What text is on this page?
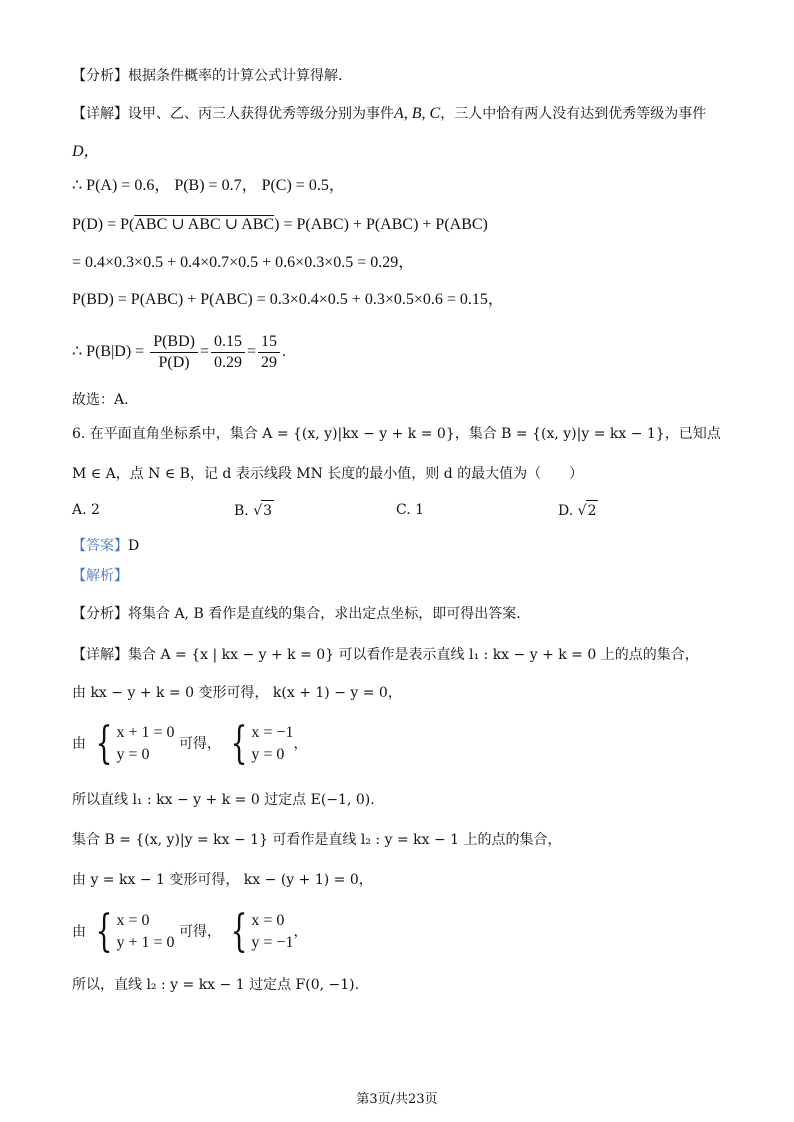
【分析】根据条件概率的计算公式计算得解.
【详解】设甲、乙、丙三人获得优秀等级分别为事件A, B, C，三人中恰有两人没有达到优秀等级为事件
D，
∴ P(A) = 0.6， P(B) = 0.7， P(C) = 0.5，
P(D) = P(ABC ∪ ABC ∪ ABC) = P(ABC) + P(ABC) + P(ABC)
= 0.4×0.3×0.5 + 0.4×0.7×0.5 + 0.6×0.3×0.5 = 0.29，
P(BD) = P(ABC) + P(ABC) = 0.3×0.4×0.5 + 0.3×0.5×0.6 = 0.15，
∴ $P(B|D) = \frac{P(BD)}{P(D)} = \frac{0.15}{0.29} = \frac{15}{29}$ .
故选：A.
6. 在平面直角坐标系中，集合 A = {(x, y)|kx − y + k = 0}，集合 B = {(x, y)|y = kx − 1}，已知点
M ∈ A，点 N ∈ B，记 d 表示线段 MN 长度的最小值，则 d 的最大值为（　　）
A. 2	B. √3	C. 1	D. √2
【答案】D
【解析】
【分析】将集合 A, B 看作是直线的集合，求出定点坐标，即可得出答案.
【详解】集合 A = {x | kx − y + k = 0} 可以看作是表示直线 l₁ : kx − y + k = 0 上的点的集合，
由 kx − y + k = 0 变形可得， k(x + 1) − y = 0，
由 { x + 1 = 0
y = 0
可得， { x = −1
y = 0
，
所以直线 l₁ : kx − y + k = 0 过定点 E(−1, 0).
集合 B = {(x, y)|y = kx − 1} 可看作是直线 l₂ : y = kx − 1 上的点的集合，
由 y = kx − 1 变形可得， kx − (y + 1) = 0，
由 { x = 0
y + 1 = 0
可得， { x = 0
y = −1
，
所以，直线 l₂ : y = kx − 1 过定点 F(0, −1).
第3页/共23页
